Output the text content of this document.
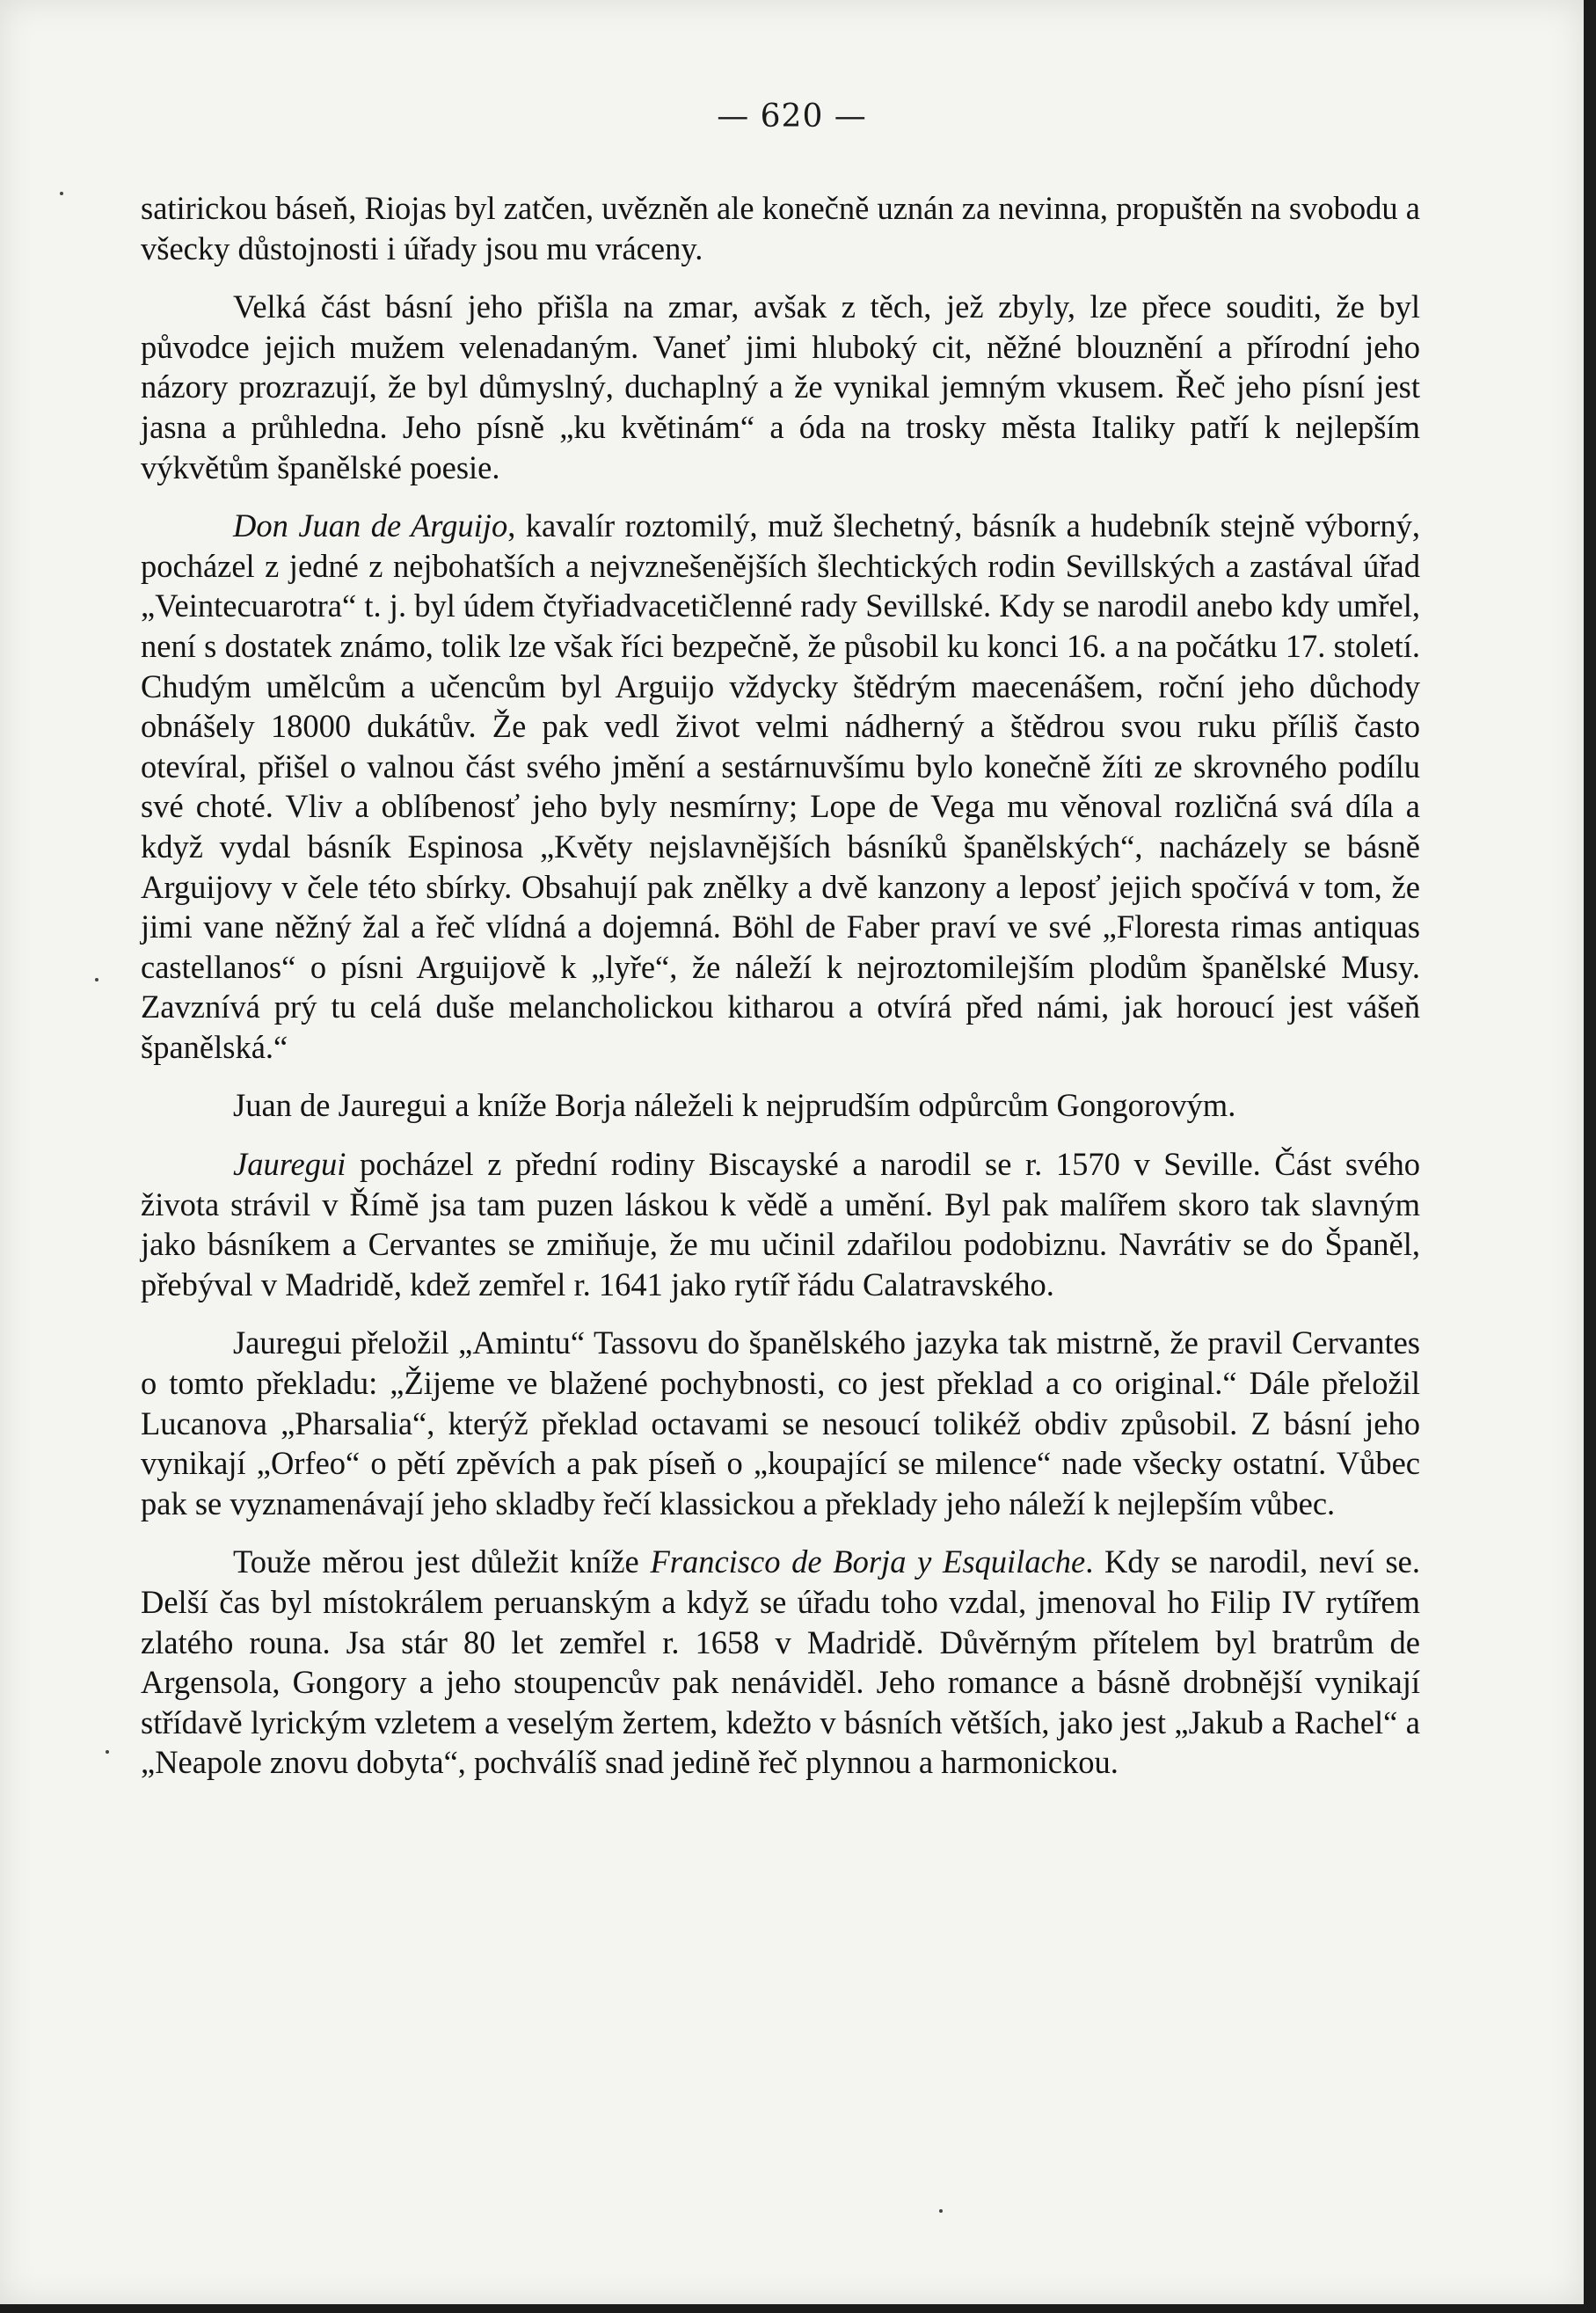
— 620 —

satirickou báseň, Riojas byl zatčen, uvězněn ale konečně uznán za nevinna, propuštěn na svobodu a všecky důstojnosti i úřady jsou mu vráceny.

Velká část básní jeho přišla na zmar, avšak z těch, jež zbyly, lze přece souditi, že byl původce jejich mužem velenadaným. Vaneť jimi hluboký cit, něžné blouznění a přírodní jeho názory prozrazují, že byl důmyslný, duchaplný a že vynikal jemným vkusem. Řeč jeho písní jest jasna a průhledna. Jeho písně „ku květinám“ a óda na trosky města Italiky patří k nejlepším výkvětům španělské poesie.

Don Juan de Arguijo, kavalír roztomilý, muž šlechetný, básník a hudebník stejně výborný, pocházel z jedné z nejbohatších a nejvznešenějších šlechtických rodin Sevillských a zastával úřad „Veintecuarotra“ t. j. byl údem čtyřiadvacetičlenné rady Sevillské. Kdy se narodil anebo kdy umřel, není s dostatek známo, tolik lze však říci bezpečně, že působil ku konci 16. a na počátku 17. století. Chudým umělcům a učencům byl Arguijo vždycky štědrým maecenášem, roční jeho důchody obnášely 18000 dukátův. Že pak vedl život velmi nádherný a štědrou svou ruku příliš často otevíral, přišel o valnou část svého jmění a sestárnuvšímu bylo konečně žíti ze skrovného podílu své choté. Vliv a oblíbenosť jeho byly nesmírny; Lope de Vega mu věnoval rozličná svá díla a když vydal básník Espinosa „Květy nejslavnějších básníků španělských“, nacházely se básně Arguijovy v čele této sbírky. Obsahují pak znělky a dvě kanzony a leposť jejich spočívá v tom, že jimi vane něžný žal a řeč vlídná a dojemná. Böhl de Faber praví ve své „Floresta rimas antiquas castellanos“ o písni Arguijově k „lyře“, že náleží k nejroztomilejším plodům španělské Musy. Zavznívá prý tu celá duše melancholickou kitharou a otvírá před námi, jak horoucí jest vášeň španělská.“

Juan de Jauregui a kníže Borja náleželi k nejprudším odpůrcům Gongorovým.

Jauregui pocházel z přední rodiny Biscayské a narodil se r. 1570 v Seville. Část svého života strávil v Římě jsa tam puzen láskou k vědě a umění. Byl pak malířem skoro tak slavným jako básníkem a Cervantes se zmiňuje, že mu učinil zdařilou podobiznu. Navrátiv se do Španěl, přebýval v Madridě, kdež zemřel r. 1641 jako rytíř řádu Calatravského.

Jauregui přeložil „Amintu“ Tassovu do španělského jazyka tak mistrně, že pravil Cervantes o tomto překladu: „Žijeme ve blažené pochybnosti, co jest překlad a co original.“ Dále přeložil Lucanova „Pharsalia“, kterýž překlad octavami se nesoucí tolikéž obdiv způsobil. Z básní jeho vynikají „Orfeo“ o pětí zpěvích a pak píseň o „koupající se milence“ nade všecky ostatní. Vůbec pak se vyznamenávají jeho skladby řečí klassickou a překlady jeho náleží k nejlepším vůbec.

Touže měrou jest důležit kníže Francisco de Borja y Esquilache. Kdy se narodil, neví se. Delší čas byl místokrálem peruanským a když se úřadu toho vzdal, jmenoval ho Filip IV rytířem zlatého rouna. Jsa stár 80 let zemřel r. 1658 v Madridě. Důvěrným přítelem byl bratrům de Argensola, Gongory a jeho stoupencův pak nenáviděl. Jeho romance a básně drobnější vynikají střídavě lyrickým vzletem a veselým žertem, kdežto v básních větších, jako jest „Jakub a Rachel“ a „Neapole znovu dobyta“, pochválíš snad jedině řeč plynnou a harmonickou.
